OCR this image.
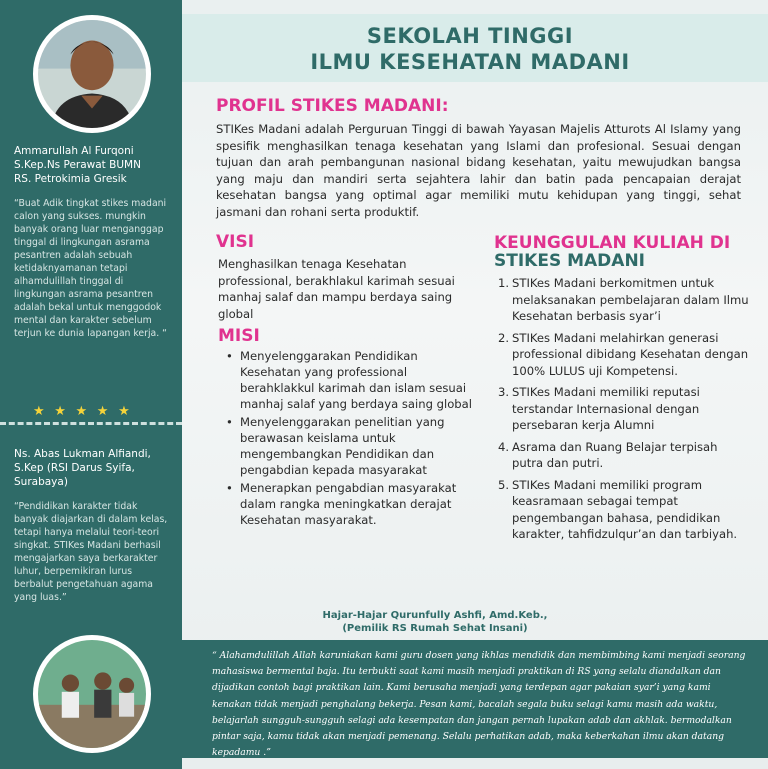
Ammarullah Al Furqoni
S.Kep.Ns Perawat BUMN
RS. Petrokimia Gresik
“Buat Adik tingkat stikes madani calon yang sukses. mungkin banyak orang luar menganggap tinggal di lingkungan asrama pesantren adalah sebuah ketidaknyamanan tetapi alhamdulillah tinggal di lingkungan asrama pesantren adalah bekal untuk menggodok mental dan karakter sebelum terjun ke dunia lapangan kerja. “
★ ★ ★ ★ ★
Ns. Abas Lukman Alfiandi,
S.Kep (RSI Darus Syifa,
Surabaya)
“Pendidikan karakter tidak banyak diajarkan di dalam kelas, tetapi hanya melalui teori-teori singkat. STIKes Madani berhasil mengajarkan saya berkarakter luhur, berpemikiran lurus berbalut pengetahuan agama yang luas.”
SEKOLAH TINGGI
ILMU KESEHATAN MADANI
PROFIL STIKES MADANI:
STIKes Madani adalah Perguruan Tinggi di bawah Yayasan Majelis Atturots Al Islamy yang spesifik menghasilkan tenaga kesehatan yang Islami dan profesional. Sesuai dengan tujuan dan arah pembangunan nasional bidang kesehatan, yaitu mewujudkan bangsa yang maju dan mandiri serta sejahtera lahir dan batin pada pencapaian derajat kesehatan bangsa yang optimal agar memiliki mutu kehidupan yang tinggi, sehat jasmani dan rohani serta produktif.
VISI
Menghasilkan tenaga Kesehatan professional, berakhlakul karimah sesuai manhaj salaf dan mampu berdaya saing global
MISI
• Menyelenggarakan Pendidikan Kesehatan yang professional berahklakkul karimah dan islam sesuai manhaj salaf yang berdaya saing global
• Menyelenggarakan penelitian yang berawasan keislama untuk mengembangkan Pendidikan dan pengabdian kepada masyarakat
• Menerapkan pengabdian masyarakat dalam rangka meningkatkan derajat Kesehatan masyarakat.
KEUNGGULAN KULIAH DI
STIKES MADANI
1. STIKes Madani berkomitmen untuk melaksanakan pembelajaran dalam Ilmu Kesehatan berbasis syar’i
2. STIKes Madani melahirkan generasi professional dibidang Kesehatan dengan 100% LULUS uji Kompetensi.
3. STIKes Madani memiliki reputasi terstandar Internasional dengan persebaran kerja Alumni
4. Asrama dan Ruang Belajar terpisah putra dan putri.
5. STIKes Madani memiliki program keasramaan sebagai tempat pengembangan bahasa, pendidikan karakter, tahfidzulqur’an dan tarbiyah.
Hajar-Hajar Qurunfully Ashfi, Amd.Keb.,
(Pemilik RS Rumah Sehat Insani)
“ Alahamdulillah Allah karuniakan kami guru dosen yang ikhlas mendidik dan membimbing kami menjadi seorang mahasiswa bermental baja. Itu terbukti saat kami masih menjadi praktikan di RS yang selalu diandalkan dan dijadikan contoh bagi praktikan lain. Kami berusaha menjadi yang terdepan agar pakaian syar’i yang kami kenakan tidak menjadi penghalang bekerja. Pesan kami, bacalah segala buku selagi kamu masih ada waktu, belajarlah sungguh-sungguh selagi ada kesempatan dan jangan pernah lupakan adab dan akhlak. bermodalkan pintar saja, kamu tidak akan menjadi pemenang. Selalu perhatikan adab, maka keberkahan ilmu akan datang kepadamu .”
